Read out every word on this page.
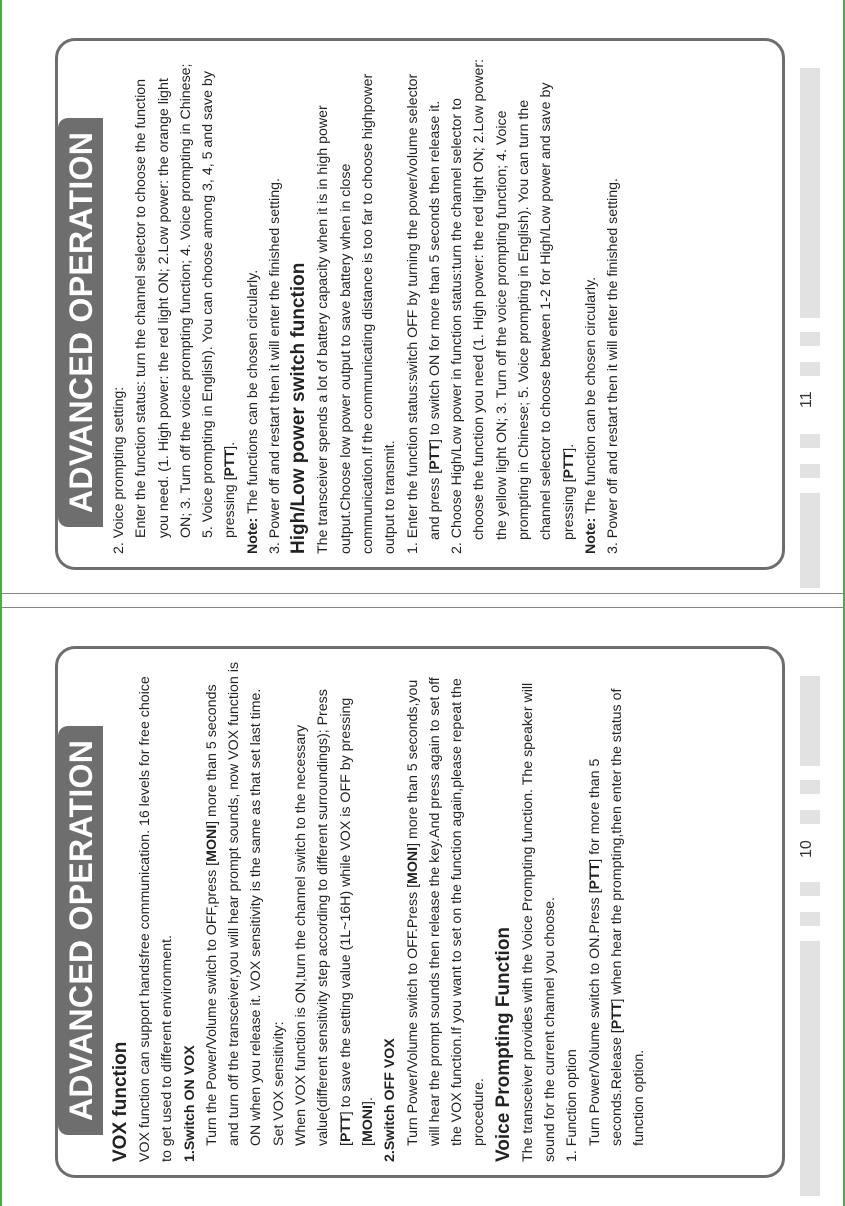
ADVANCED OPERATION 2. Voice prompting setting: Enter the function status: turn the channel selector to choose the function you need. (1. High power: the red light ON; 2.Low power: the orange light ON; 3. Turn off the voice prompting function; 4. Voice prompting in Chinese; 5. Voice prompting in English). You can choose among 3, 4, 5 and save by pressing [PTT].

Note: The functions can be chosen circularly. 3. Power off and restart then it will enter the finished setting. High/Low power switch function The transceiver spends a lot of battery capacity when it is in high power output.Choose low power output to save battery when in close communication.If the communicating distance is too far to choose highpower output to transmit. 1. Enter the function status:switch OFF by turning the power/volume selector and press [PTT] to switch ON for more than 5 seconds then release it. 2. Choose High/Low power in function status:turn the channel selector to choose the function you need (1. High power: the red light ON; 2.Low power: the yellow light ON; 3. Turn off the voice prompting function; 4. Voice prompting in Chinese; 5. Voice prompting in English). You can turn the channel selector to choose between 1-2 for High/Low power and save by pressing [PTT].

Note: The function can be chosen circularly. 3. Power off and restart then it will enter the finished setting.	11
ADVANCED OPERATION VOX function VOX function can support handsfree communication. 16 levels for free choice to get used to different environment. 1.Switch ON VOX Turn the Power/Volume switch to OFF,press [MONI] more than 5 seconds and turn off the transceiver,you will hear prompt sounds, now VOX function is ON when you release it. VOX sensitivity is the same as that set last time. Set VOX sensitivity: When VOX function is ON,turn the channel switch to the necessary value(different sensitivity step according to different surroundings); Press [PTT] to save the setting value (1L~16H) while VOX is OFF by pressing [MONI]. 2.Switch OFF VOX Turn Power/Volume switch to OFF.Press [MONI] more than 5 seconds,you will hear the prompt sounds then release the key.And press again to set off the VOX function.If you want to set on the function again,please repeat the procedure. Voice Prompting Function The transceiver provides with the Voice Prompting function. The speaker will sound for the current channel you choose. 1. Function option Turn Power/Volume switch to ON.Press [PTT] for more than 5 seconds.Release [PTT] when hear the prompting,then enter the status of function option.

10
